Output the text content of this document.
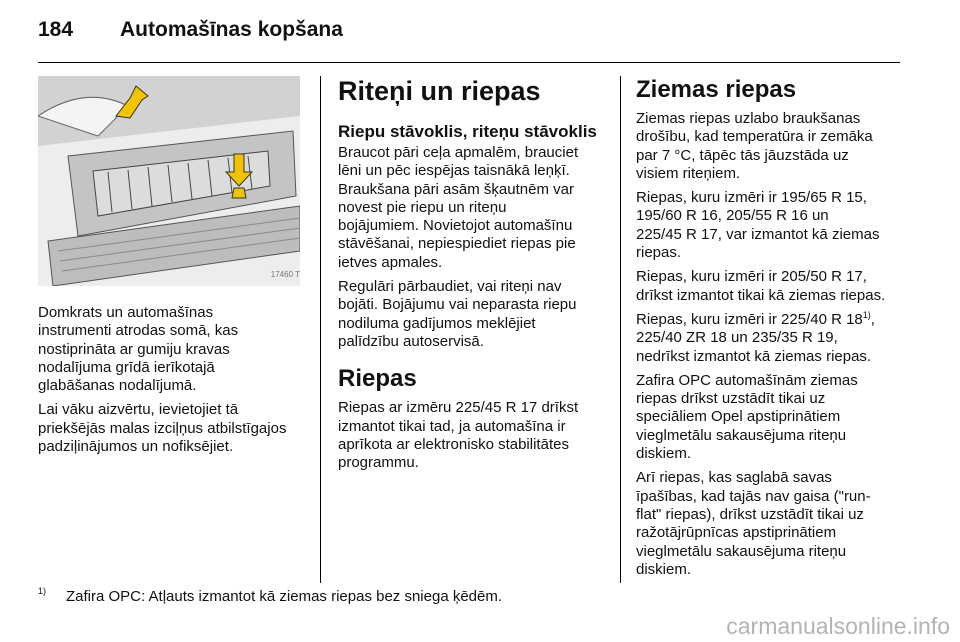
184	Automašīnas kopšana
17460 T

Domkrats un automašīnas
instrumenti atrodas somā, kas
nostiprināta ar gumiju kravas
nodalījuma grīdā ierīkotajā
glabāšanas nodalījumā.

Lai vāku aizvērtu, ievietojiet tā
priekšējās malas izciļņus atbilstīgajos
padziļinājumos un nofiksējiet.

Riteņi un riepas
Riepu stāvoklis, riteņu stāvoklis

Braucot pāri ceļa apmalēm, brauciet
lēni un pēc iespējas taisnākā leņķī.
Braukšana pāri asām šķautnēm var
novest pie riepu un riteņu
bojājumiem. Novietojot automašīnu
stāvēšanai, nepiespiediet riepas pie
ietves apmales.

Regulāri pārbaudiet, vai riteņi nav
bojāti. Bojājumu vai neparasta riepu
nodiluma gadījumos meklējiet
palīdzību autoservisā.

Riepas

Riepas ar izmēru 225/45 R 17 drīkst
izmantot tikai tad, ja automašīna ir
aprīkota ar elektronisko stabilitātes
programmu.

Ziemas riepas

Ziemas riepas uzlabo braukšanas
drošību, kad temperatūra ir zemāka
par 7 °C, tāpēc tās jāuzstāda uz
visiem riteņiem.

Riepas, kuru izmēri ir 195/65 R 15,
195/60 R 16, 205/55 R 16 un
225/45 R 17, var izmantot kā ziemas
riepas.

Riepas, kuru izmēri ir 205/50 R 17,
drīkst izmantot tikai kā ziemas riepas.

Riepas, kuru izmēri ir 225/40 R 18$^{1)}$,
225/40 ZR 18 un 235/35 R 19,
nedrīkst izmantot kā ziemas riepas.

Zafira OPC automašīnām ziemas
riepas drīkst uzstādīt tikai uz
speciāliem Opel apstiprinātiem
vieglmetālu sakausējuma riteņu
diskiem.

Arī riepas, kas saglabā savas
īpašības, kad tajās nav gaisa ("run-
flat" riepas), drīkst uzstādīt tikai uz
ražotājrūpnīcas apstiprinātiem
vieglmetālu sakausējuma riteņu
diskiem.

1)	Zafira OPC: Atļauts izmantot kā ziemas riepas bez sniega ķēdēm.
carmanualsonline.info
